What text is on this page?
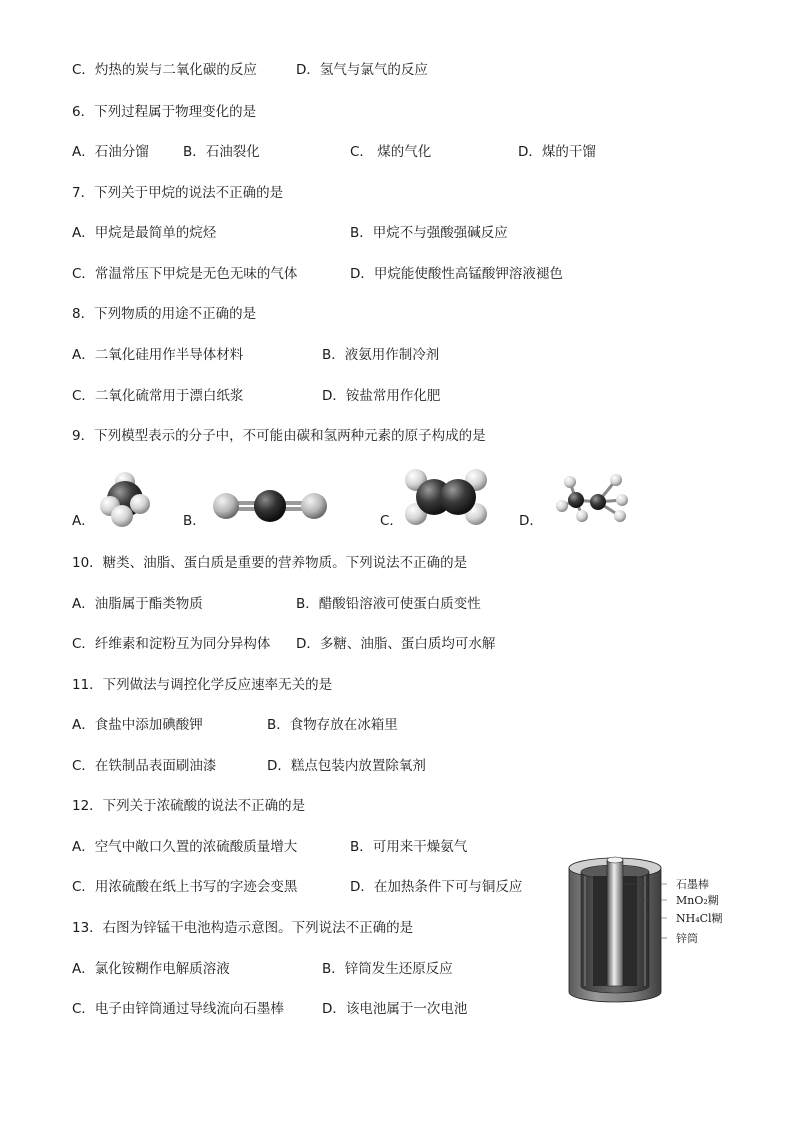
C．灼热的炭与二氧化碳的反应	D．氢气与氯气的反应
6．下列过程属于物理变化的是
A．石油分馏	B．石油裂化	C． 煤的气化	D．煤的干馏
7．下列关于甲烷的说法不正确的是
A．甲烷是最简单的烷烃	B．甲烷不与强酸强碱反应
C．常温常压下甲烷是无色无味的气体	D．甲烷能使酸性高锰酸钾溶液褪色
8．下列物质的用途不正确的是
A．二氧化硅用作半导体材料	B．液氨用作制冷剂
C．二氧化硫常用于漂白纸浆	D．铵盐常用作化肥
9．下列模型表示的分子中，不可能由碳和氢两种元素的原子构成的是
A．	B．	C．	D．
10．糖类、油脂、蛋白质是重要的营养物质。下列说法不正确的是
A．油脂属于酯类物质	B．醋酸铅溶液可使蛋白质变性
C．纤维素和淀粉互为同分异构体 D．多糖、油脂、蛋白质均可水解
11．下列做法与调控化学反应速率无关的是
A．食盐中添加碘酸钾	B．食物存放在冰箱里
C．在铁制品表面刷油漆	D．糕点包装内放置除氧剂
12．下列关于浓硫酸的说法不正确的是
A．空气中敞口久置的浓硫酸质量增大	B．可用来干燥氨气
C．用浓硫酸在纸上书写的字迹会变黑	D．在加热条件下可与铜反应
13．右图为锌锰干电池构造示意图。下列说法不正确的是
A．氯化铵糊作电解质溶液	B．锌筒发生还原反应
C．电子由锌筒通过导线流向石墨棒	D．该电池属于一次电池
石墨棒
MnO₂糊
NH₄Cl糊
锌筒
